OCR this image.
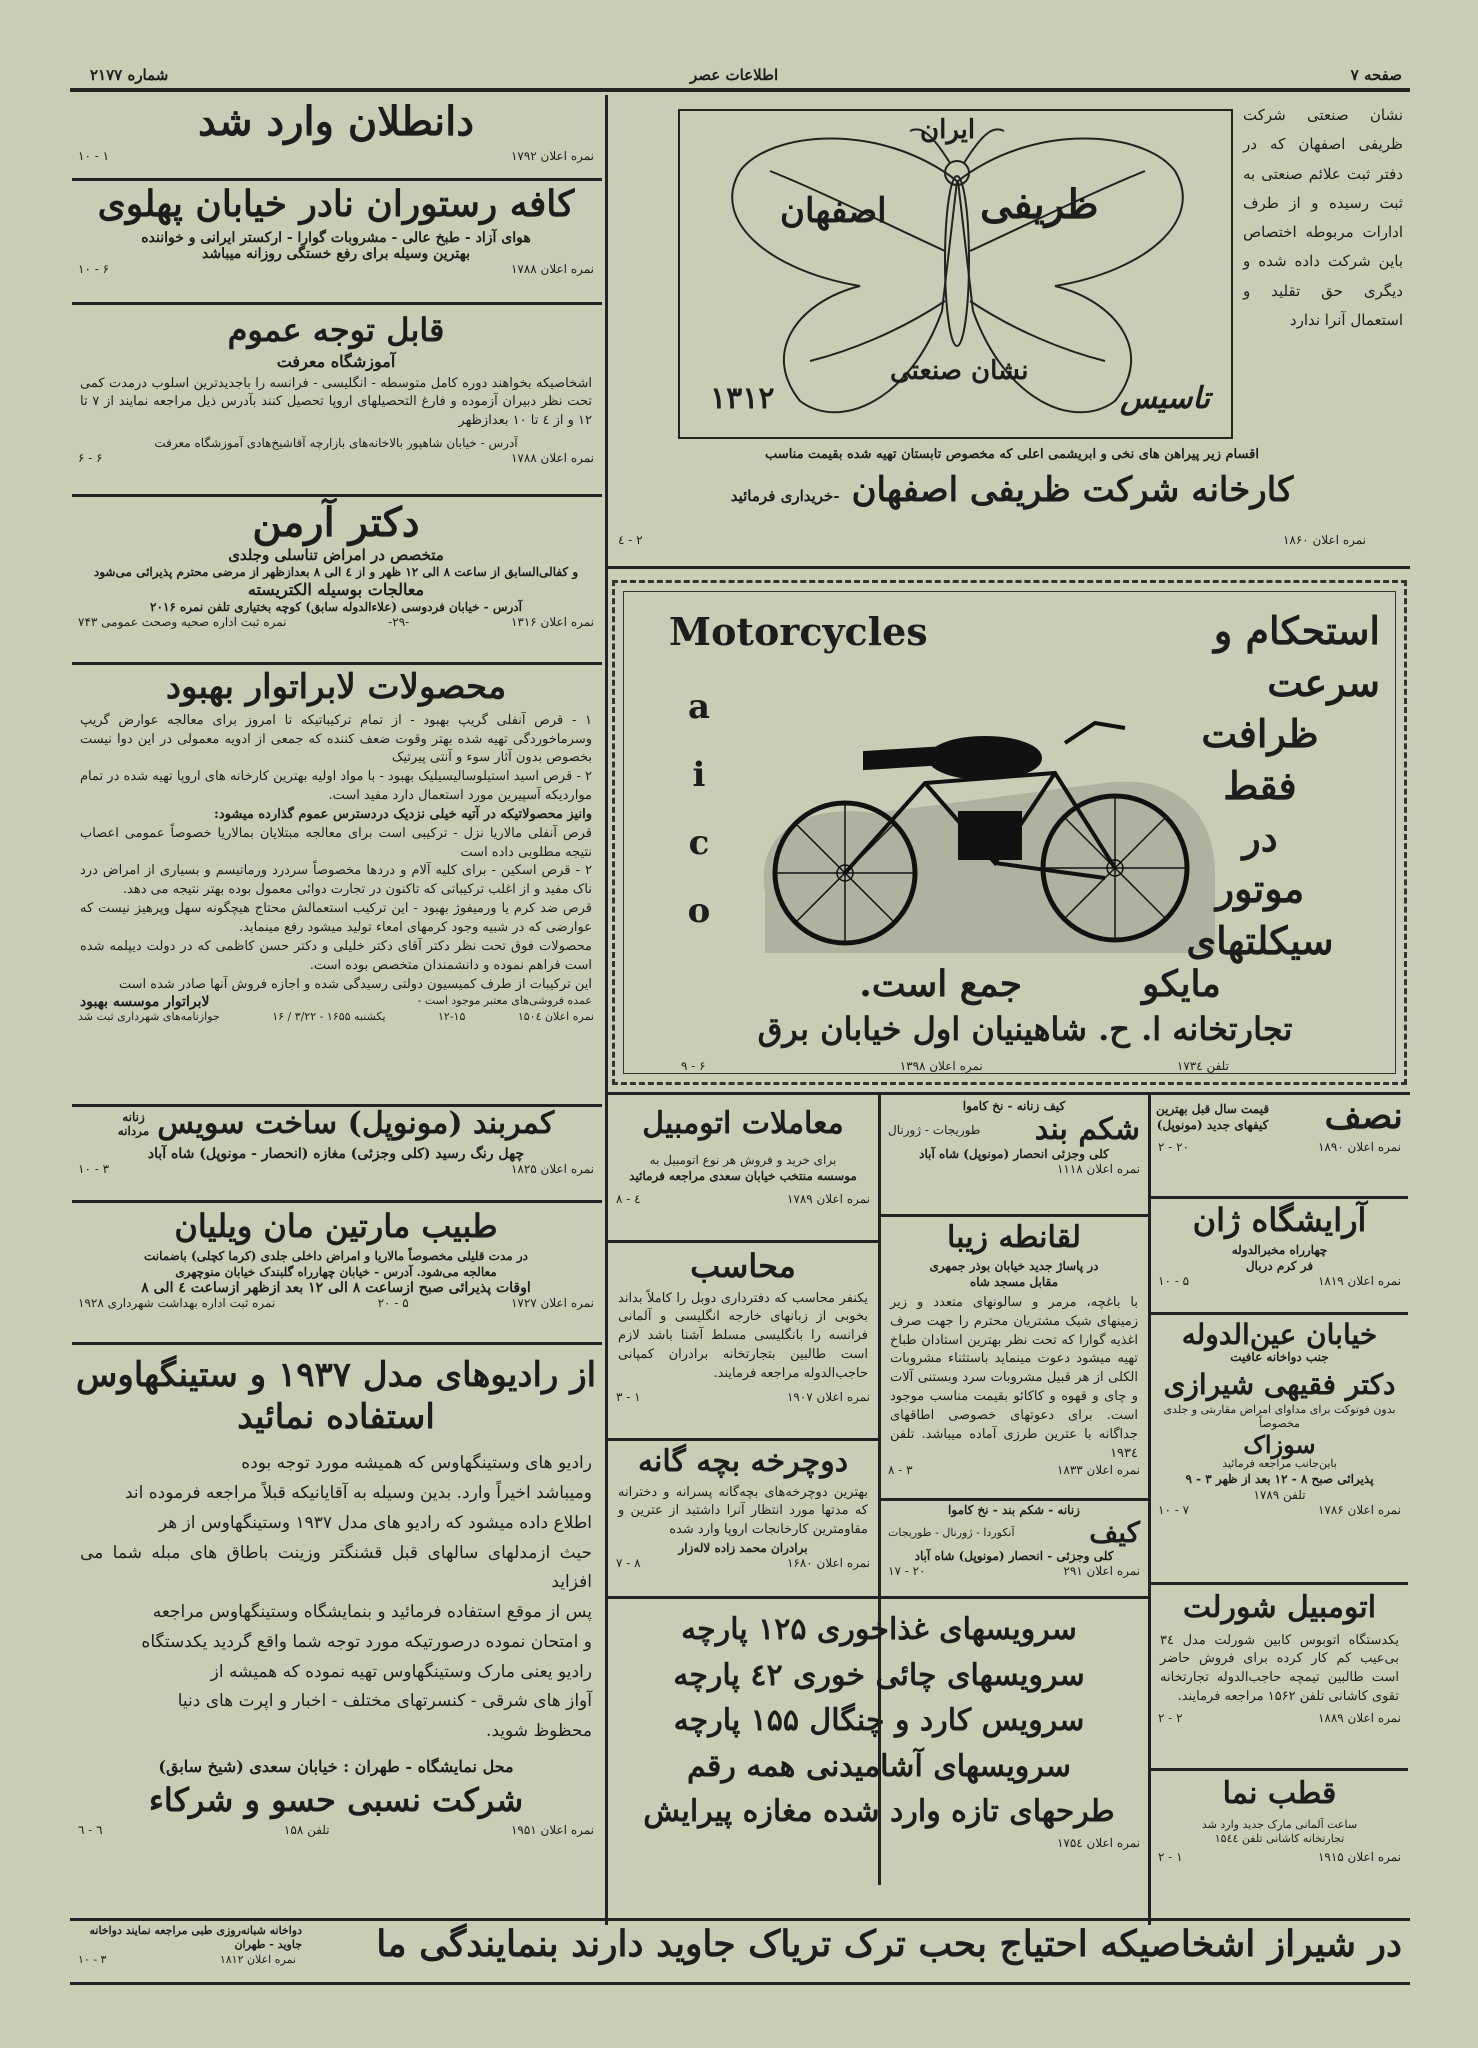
صفحه ۷
اطلاعات عصر
شماره ۲۱۷۷
دانطلان وارد شد
نمره اعلان ۱۷۹۲
۱ - ۱۰
کافه رستوران نادر خیابان پهلوی
هوای آزاد - طبخ عالی - مشروبات گوارا - ارکستر ایرانی و خواننده
بهترین وسیله برای رفع خستگی روزانه میباشد
نمره اعلان ۱۷۸۸
۶ - ۱۰
قابل توجه عموم
آموزشگاه معرفت
اشخاصیکه بخواهند دوره کامل متوسطه - انگلیسی - فرانسه را باجدیدترین اسلوب درمدت کمی تحت نظر دبیران آزموده و فارغ التحصیلهای اروپا تحصیل کنند بآدرس ذیل مراجعه نمایند از ۷ تا ۱۲ و از ٤ تا ۱۰ بعدازظهر
آدرس - خیابان شاهپور بالاخانه‌های بازارچه آقاشیخ‌هادی آموزشگاه معرفت
نمره اعلان ۱۷۸۸
۶ - ۶
دکتر آرمن
متخصص در امراض تناسلی وجلدی
و کفالی‌السابق از ساعت ۸ الی ۱۲ ظهر و از ٤ الی ۸ بعدازظهر از مرضی محترم پذیرائی می‌شود
معالجات بوسیله الکتریسته
آدرس - خیابان فردوسی (علاءالدوله سابق) کوچه بختیاری تلفن نمره ۲۰۱۶
نمره اعلان ۱۳۱۶
-۲۹-
نمره ثبت اداره صحیه وصحت عمومی ۷۴۳
محصولات لابراتوار بهبود
۱ - قرص آنفلی گریپ بهبود - از تمام ترکیباتیکه تا امروز برای معالجه عوارض گریپ وسرماخوردگی تهیه شده بهتر وقوت ضعف کننده که جمعی از ادویه معمولی در این دوا نیست بخصوص بدون آثار سوء و آنتی پیرتیک
۲ - قرص اسید استیلوسالیسیلیک بهبود - با مواد اولیه بهترین کارخانه های اروپا تهیه شده در تمام مواردیکه آسپیرین مورد استعمال دارد مفید است.
وانیز محصولاتیکه در آتیه خیلی نزدیک دردسترس عموم گذارده میشود:
قرص آنفلی مالاریا نزل - ترکیبی است برای معالجه مبتلایان بمالاریا خصوصاً عمومی اعصاب نتیجه مطلوبی داده است
۲ - قرص اسکین - برای کلیه آلام و دردها مخصوصاً سردرد ورماتیسم و بسیاری از امراض درد ناک مفید و از اغلب ترکیباتی که تاکنون در تجارت دوائی معمول بوده بهتر نتیجه می دهد.
قرص ضد کرم یا ورمیفوژ بهبود - این ترکیب استعمالش محتاج هیچگونه سهل وپرهیز نیست که عوارضی که در شبیه وجود کرمهای امعاء تولید میشود رفع مینماید.
محصولات فوق تحت نظر دکتر آقای دکتر خلیلی و دکتر حسن کاظمی که در دولت دیپلمه شده است فراهم نموده و دانشمندان متخصص بوده است.
این ترکیبات از طرف کمیسیون دولتی رسیدگی شده و اجازه فروش آنها صادر شده است
عمده فروشی‌های معتبر موجود است -
لابراتوار موسسه بهبود
نمره اعلان ۱۵۰٤
۱۲-۱۵
یکشنبه ۱۶۵۵ - ۳/۲۲ / ۱۶
جوازنامه‌های شهرداری ثبت شد
کمربند (مونوپل) ساخت سویس
زنانه
مردانه
چهل رنگ رسید (کلی وجزئی) مغازه (انحصار - مونوپل) شاه آباد
نمره اعلان ۱۸۲۵
۳ - ۱۰
طبیب مارتین مان ویلیان
در مدت قلیلی مخصوصاً مالاریا و امراض داخلی جلدی (کرما کچلی) باضمانت
معالجه می‌شود. آدرس - خیابان چهارراه گلبندک خیابان منوچهری
اوقات پذیرائی صبح ازساعت ۸ الی ۱۲ بعد ازظهر ازساعت ٤ الی ۸
نمره اعلان ۱۷۲۷
۵ - ۲۰
نمره ثبت اداره بهداشت شهرداری ۱۹۲۸
از رادیوهای مدل ۱۹۳۷ و ستینگهاوس
استفاده نمائید
رادیو های وستینگهاوس که همیشه مورد توجه بوده
ومیباشد اخیراً وارد. بدین وسیله به آقایانیکه قبلاً مراجعه فرموده اند
اطلاع داده میشود که رادیو های مدل ۱۹۳۷ وستینگهاوس از هر
حیث ازمدلهای سالهای قبل قشنگتر وزینت باطاق های مبله شما می افزاید
پس از موقع استفاده فرمائید و بنمایشگاه وستینگهاوس مراجعه
و امتحان نموده درصورتیکه مورد توجه شما واقع گردید یکدستگاه
رادیو یعنی مارک وستینگهاوس تهیه نموده که همیشه از
آواز های شرقی - کنسرتهای مختلف - اخبار و اپرت های دنیا
محظوظ شوید.
محل نمایشگاه - طهران : خیابان سعدی (شیخ سابق)
شرکت نسبی حسو و شرکاء
نمره اعلان ۱۹۵۱
تلفن ۱۵۸
٦ - ٦
نشان صنعتی شرکت ظریفی اصفهان که در دفتر ثبت علائم صنعتی به ثبت رسیده و از طرف ادارات مربوطه اختصاص باین شرکت داده شده و دیگری حق تقلید و استعمال آنرا ندارد
ایران
ظریفی
اصفهان
نشان صنعتی
۱۳۱۲	تاسیس
اقسام زیر پیراهن های نخی و ابریشمی اعلی که مخصوص تابستان تهیه شده بقیمت مناسب
کارخانه شرکت ظریفی اصفهان
-خریداری فرمائید
نمره اعلان ۱۸۶۰
۲ - ٤
Motorcycles
a
i
c
o
استحکام و سرعت
ظرافت
فقط
در
موتور
سیکلتهای
مایکو
جمع است.
تجارتخانه ا. ح. شاهینیان اول خیابان برق
تلفن ۱۷۳٤
نمره اعلان ۱۳۹۸
۶ - ۹
معاملات اتومبیل
برای خرید و فروش هر نوع اتومبیل به
موسسه منتخب خیابان سعدی مراجعه فرمائید
نمره اعلان ۱۷۸۹
٤ - ۸
محاسب
یکنفر محاسب که دفترداری دوبل را کاملاً بداند بخوبی از زبانهای خارجه انگلیسی و آلمانی فرانسه را بانگلیسی مسلط آشنا باشد لازم است طالبین بتجارتخانه برادران کمپانی حاجب‌الدوله مراجعه فرمایند.
نمره اعلان ۱۹۰۷
۱ - ۳
دوچرخه بچه گانه
بهترین دوچرخه‌های بچه‌گانه پسرانه و دخترانه که مدتها مورد انتظار آنرا داشتید از عترین و مقاومترین کارخانجات اروپا وارد شده
برادران محمد زاده لاله‌زار
نمره اعلان ۱۶۸۰
۸ - ۷
کیف زنانه - نخ کاموا
شکم بند
طوریجات - ژورنال
کلی وجزئی انحصار (مونوپل) شاه آباد
نمره اعلان ۱۱۱۸
لقانطه زیبا
در پاساژ جدید خیابان بوذر جمهری
مقابل مسجد شاه
با باغچه، مرمر و سالونهای متعدد و زیر زمینهای شیک مشتریان محترم را جهت صرف اغذیه گوارا که تحت نظر بهترین استادان طباخ تهیه میشود دعوت مینماید باستثناء مشروبات الکلی از هر قبیل مشروبات سرد وبستنی آلات و چای و قهوه و کاکائو بقیمت مناسب موجود است. برای دعوتهای خصوصی اطاقهای جداگانه با عترین طرزی آماده میباشد. تلفن ۱۹۳٤
نمره اعلان ۱۸۳۳
۳ - ۸
زنانه - شکم بند - نخ کاموا
کیف
آنکوردا - ژورنال - طوریجات
کلی وجزئی - انحصار (مونوپل) شاه آباد
نمره اعلان ۲۹۱
۲۰ - ۱۷
سرویسهای غذاخوری ۱۲۵ پارچه
سرویسهای چائی خوری ٤۲ پارچه
سرویس کارد و چنگال ۱۵۵ پارچه
سرویسهای آشامیدنی همه رقم
طرحهای تازه وارد شده مغازه پیرایش
نمره اعلان ۱۷۵٤
نصف
قیمت سال قبل بهترین
کیفهای جدید (مونوپل)
نمره اعلان ۱۸۹۰
۲۰ - ۲
آرایشگاه ژان
چهارراه مخبرالدوله
فر کرم دربال
نمره اعلان ۱۸۱۹
۵ - ۱۰
خیابان عین‌الدوله
جنب دواخانه عافیت
دکتر فقیهی شیرازی
بدون فوتوکت برای مداوای امراض مقاربتی و جلدی مخصوصاً
سوزاک
باین‌جانب مراجعه فرمائید
پذیرائی صبح ۸ - ۱۲ بعد از ظهر ۳ - ۹
تلفن ۱۷۸۹
نمره اعلان ۱۷۸۶
۷ - ۱۰
اتومبیل شورلت
یکدستگاه اتوبوس کابین شورلت مدل ۳٤ بی‌عیب کم کار کرده برای فروش حاضر است طالبین تیمچه حاجب‌الدوله تجارتخانه تقوی کاشانی تلفن ۱۵۶۲ مراجعه فرمایند.
نمره اعلان ۱۸۸۹
۲ - ۲
قطب نما
ساعت آلمانی مارک جدید وارد شد
تجارتخانه کاشانی تلفن ۱۵٤٤
نمره اعلان ۱۹۱۵
۱ - ۲
دواخانه شبانه‌روزی طبی مراجعه نمایند دواخانه جاوید - طهران
نمره اعلان ۱۸۱۲
۳ - ۱۰	در شیراز اشخاصیکه احتیاج بحب ترک تریاک جاوید دارند بنمایندگی ما
